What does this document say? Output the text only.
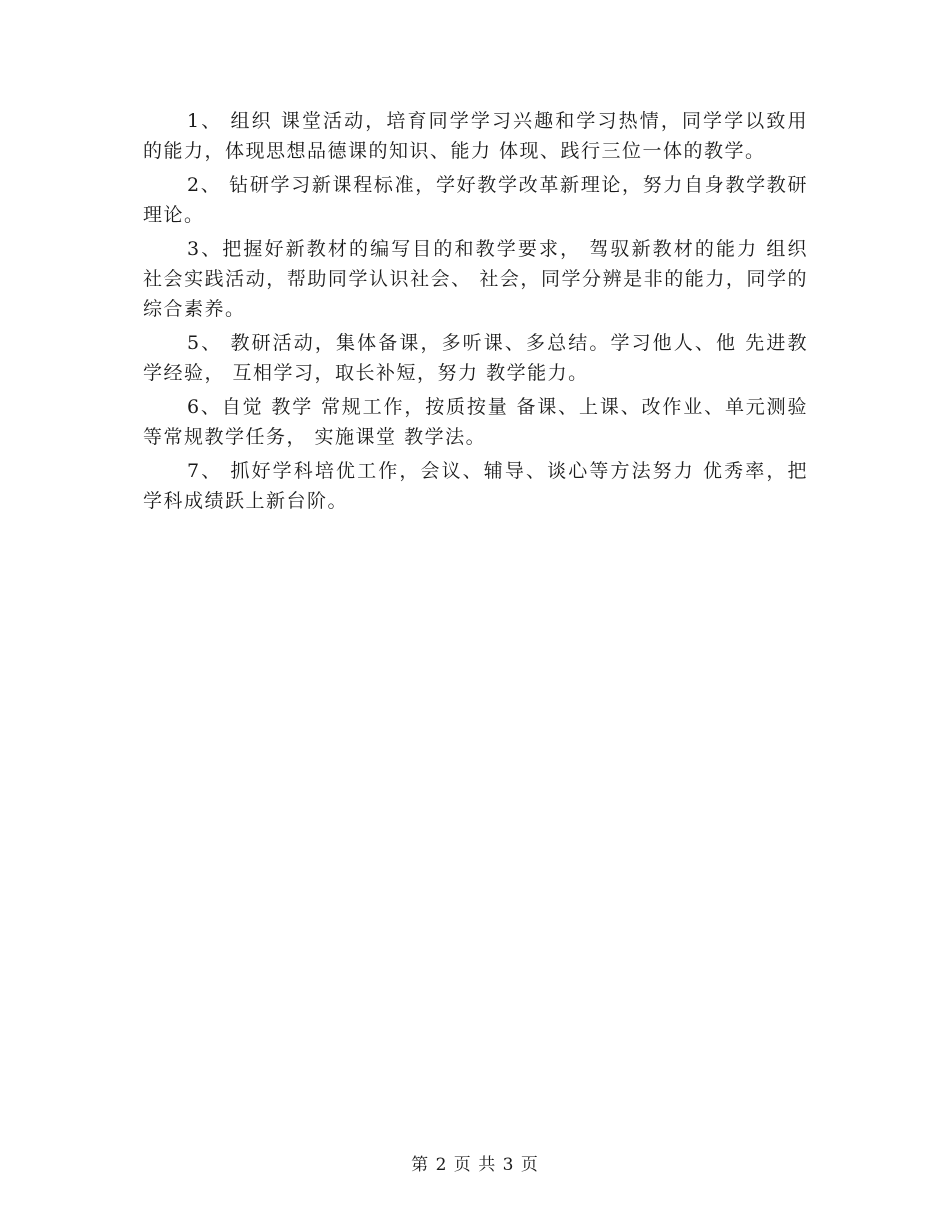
1、 组织 课堂活动，培育同学学习兴趣和学习热情，同学学以致用的能力，体现思想品德课的知识、能力 体现、践行三位一体的教学。

2、 钻研学习新课程标准，学好教学改革新理论，努力自身教学教研理论。

3、把握好新教材的编写目的和教学要求， 驾驭新教材的能力 组织 社会实践活动，帮助同学认识社会、 社会，同学分辨是非的能力，同学的综合素养。

5、 教研活动，集体备课，多听课、多总结。学习他人、他 先进教学经验， 互相学习，取长补短，努力 教学能力。

6、自觉 教学 常规工作，按质按量 备课、上课、改作业、单元测验等常规教学任务， 实施课堂 教学法。

7、 抓好学科培优工作，会议、辅导、谈心等方法努力 优秀率，把学科成绩跃上新台阶。

第 2 页 共 3 页
